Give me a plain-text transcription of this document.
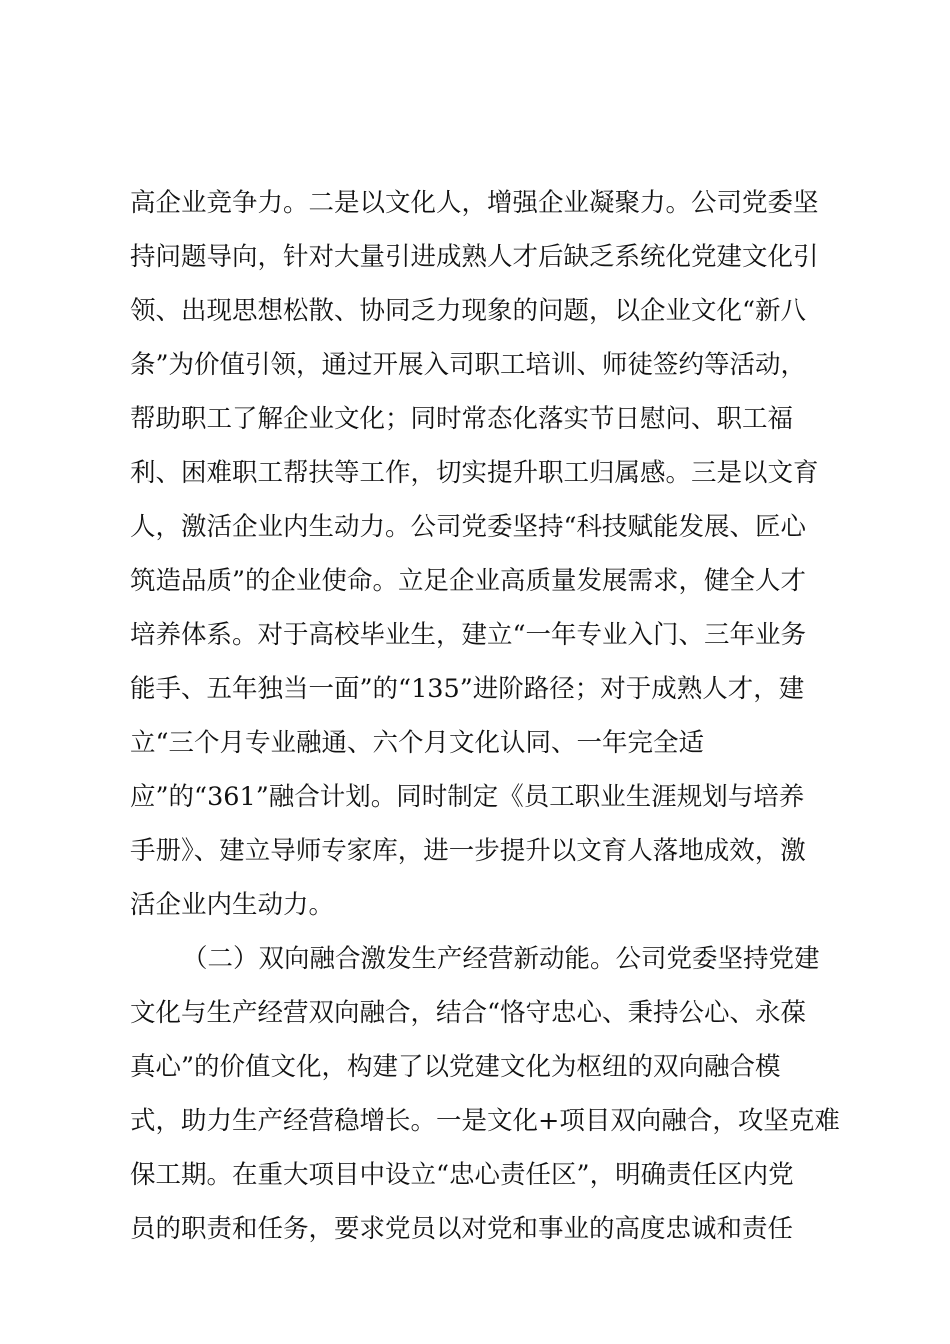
高企业竞争力。二是以文化人，增强企业凝聚力。公司党委坚
持问题导向，针对大量引进成熟人才后缺乏系统化党建文化引
领、出现思想松散、协同乏力现象的问题，以企业文化“新八
条”为价值引领，通过开展入司职工培训、师徒签约等活动，
帮助职工了解企业文化；同时常态化落实节日慰问、职工福
利、困难职工帮扶等工作，切实提升职工归属感。三是以文育
人，激活企业内生动力。公司党委坚持“科技赋能发展、匠心
筑造品质”的企业使命。立足企业高质量发展需求，健全人才
培养体系。对于高校毕业生，建立“一年专业入门、三年业务
能手、五年独当一面”的“135”进阶路径；对于成熟人才，建
立“三个月专业融通、六个月文化认同、一年完全适
应”的“361”融合计划。同时制定《员工职业生涯规划与培养
手册》、建立导师专家库，进一步提升以文育人落地成效，激
活企业内生动力。
（二）双向融合激发生产经营新动能。公司党委坚持党建
文化与生产经营双向融合，结合“恪守忠心、秉持公心、永葆
真心”的价值文化，构建了以党建文化为枢纽的双向融合模
式，助力生产经营稳增长。一是文化+项目双向融合，攻坚克难
保工期。在重大项目中设立“忠心责任区”，明确责任区内党
员的职责和任务，要求党员以对党和事业的高度忠诚和责任
